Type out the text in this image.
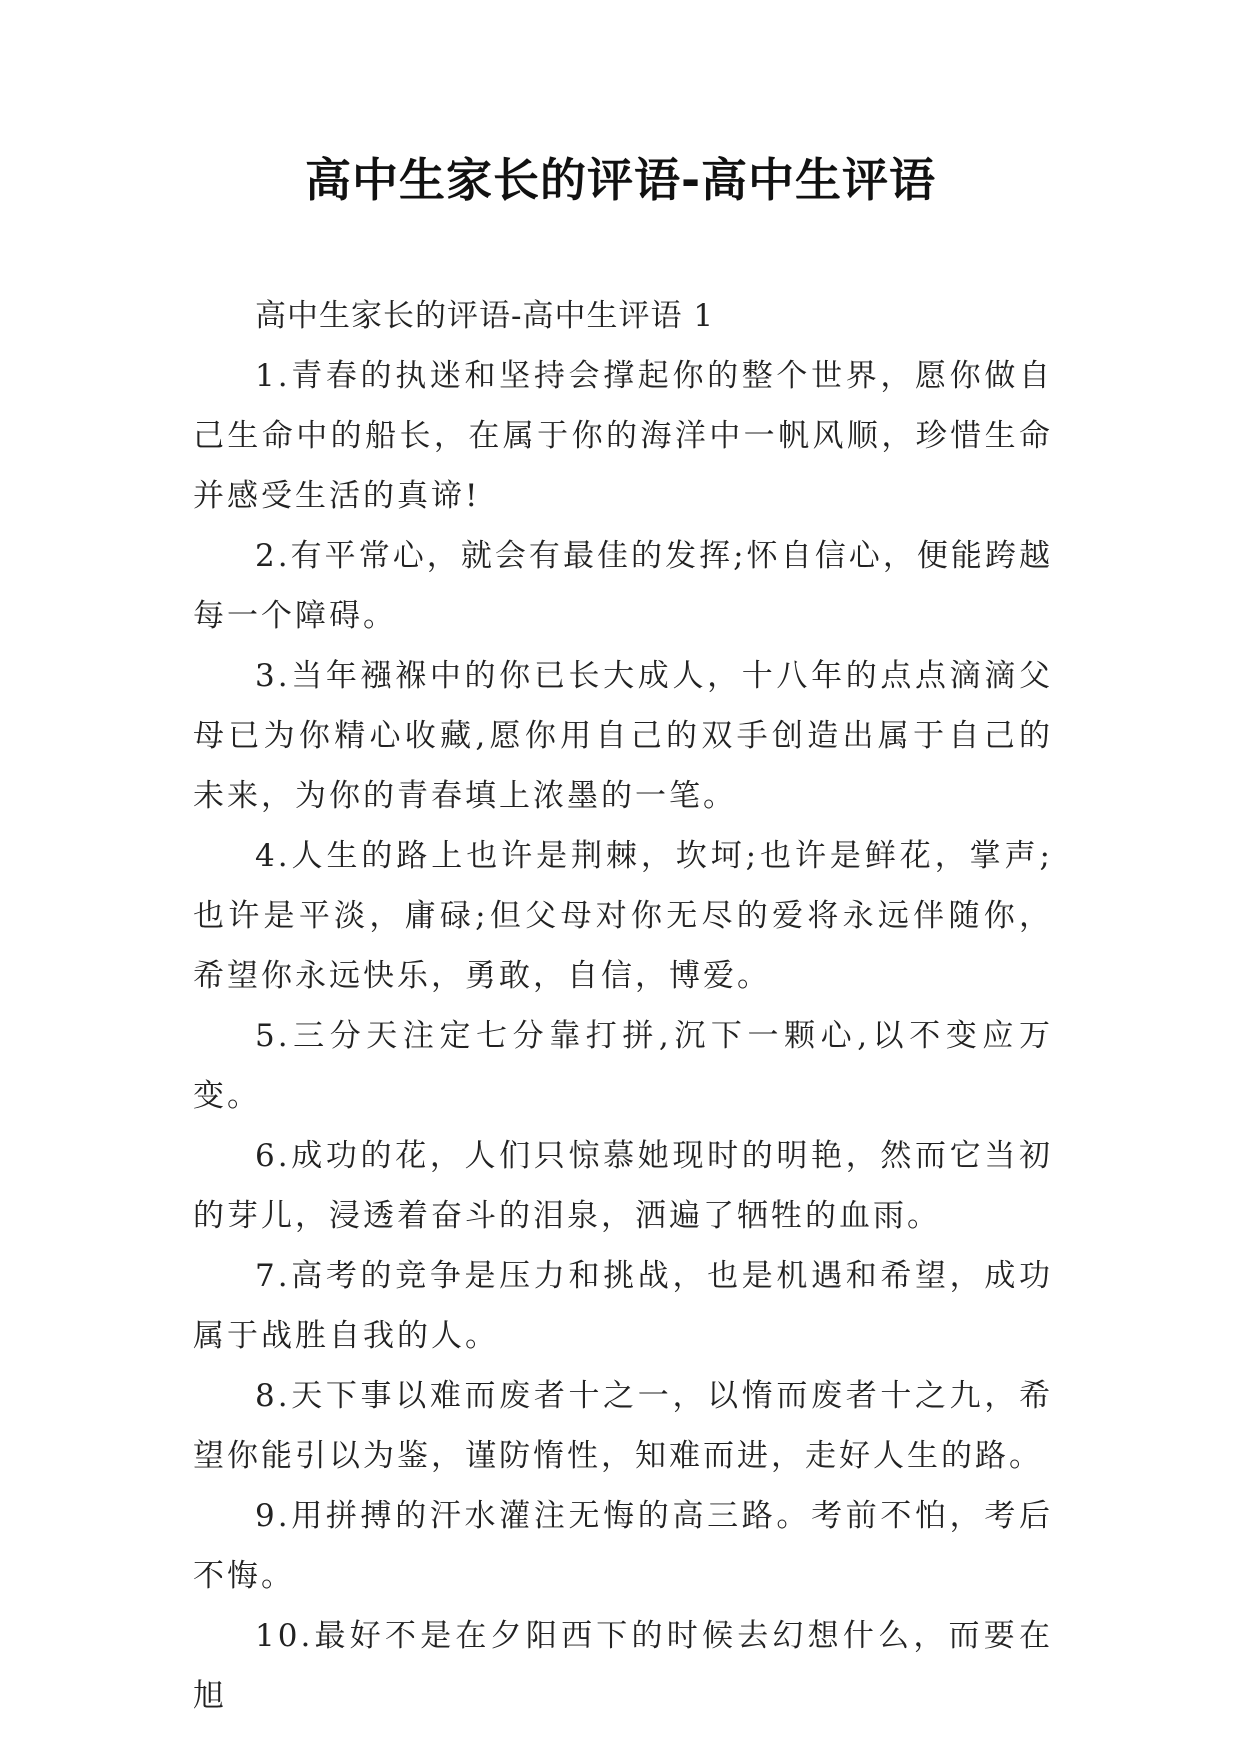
高中生家长的评语-高中生评语

高中生家长的评语-高中生评语 1

1.青春的执迷和坚持会撑起你的整个世界，愿你做自己生命中的船长，在属于你的海洋中一帆风顺，珍惜生命并感受生活的真谛!

2.有平常心，就会有最佳的发挥;怀自信心，便能跨越每一个障碍。

3.当年襁褓中的你已长大成人，十八年的点点滴滴父母已为你精心收藏,愿你用自己的双手创造出属于自己的未来，为你的青春填上浓墨的一笔。

4.人生的路上也许是荆棘，坎坷;也许是鲜花，掌声;也许是平淡，庸碌;但父母对你无尽的爱将永远伴随你，希望你永远快乐，勇敢，自信，博爱。

5.三分天注定七分靠打拼,沉下一颗心,以不变应万变。

6.成功的花，人们只惊慕她现时的明艳，然而它当初的芽儿，浸透着奋斗的泪泉，洒遍了牺牲的血雨。

7.高考的竞争是压力和挑战，也是机遇和希望，成功属于战胜自我的人。

8.天下事以难而废者十之一，以惰而废者十之九，希望你能引以为鉴，谨防惰性，知难而进，走好人生的路。

9.用拼搏的汗水灌注无悔的高三路。考前不怕，考后不悔。

10.最好不是在夕阳西下的时候去幻想什么，而要在旭
